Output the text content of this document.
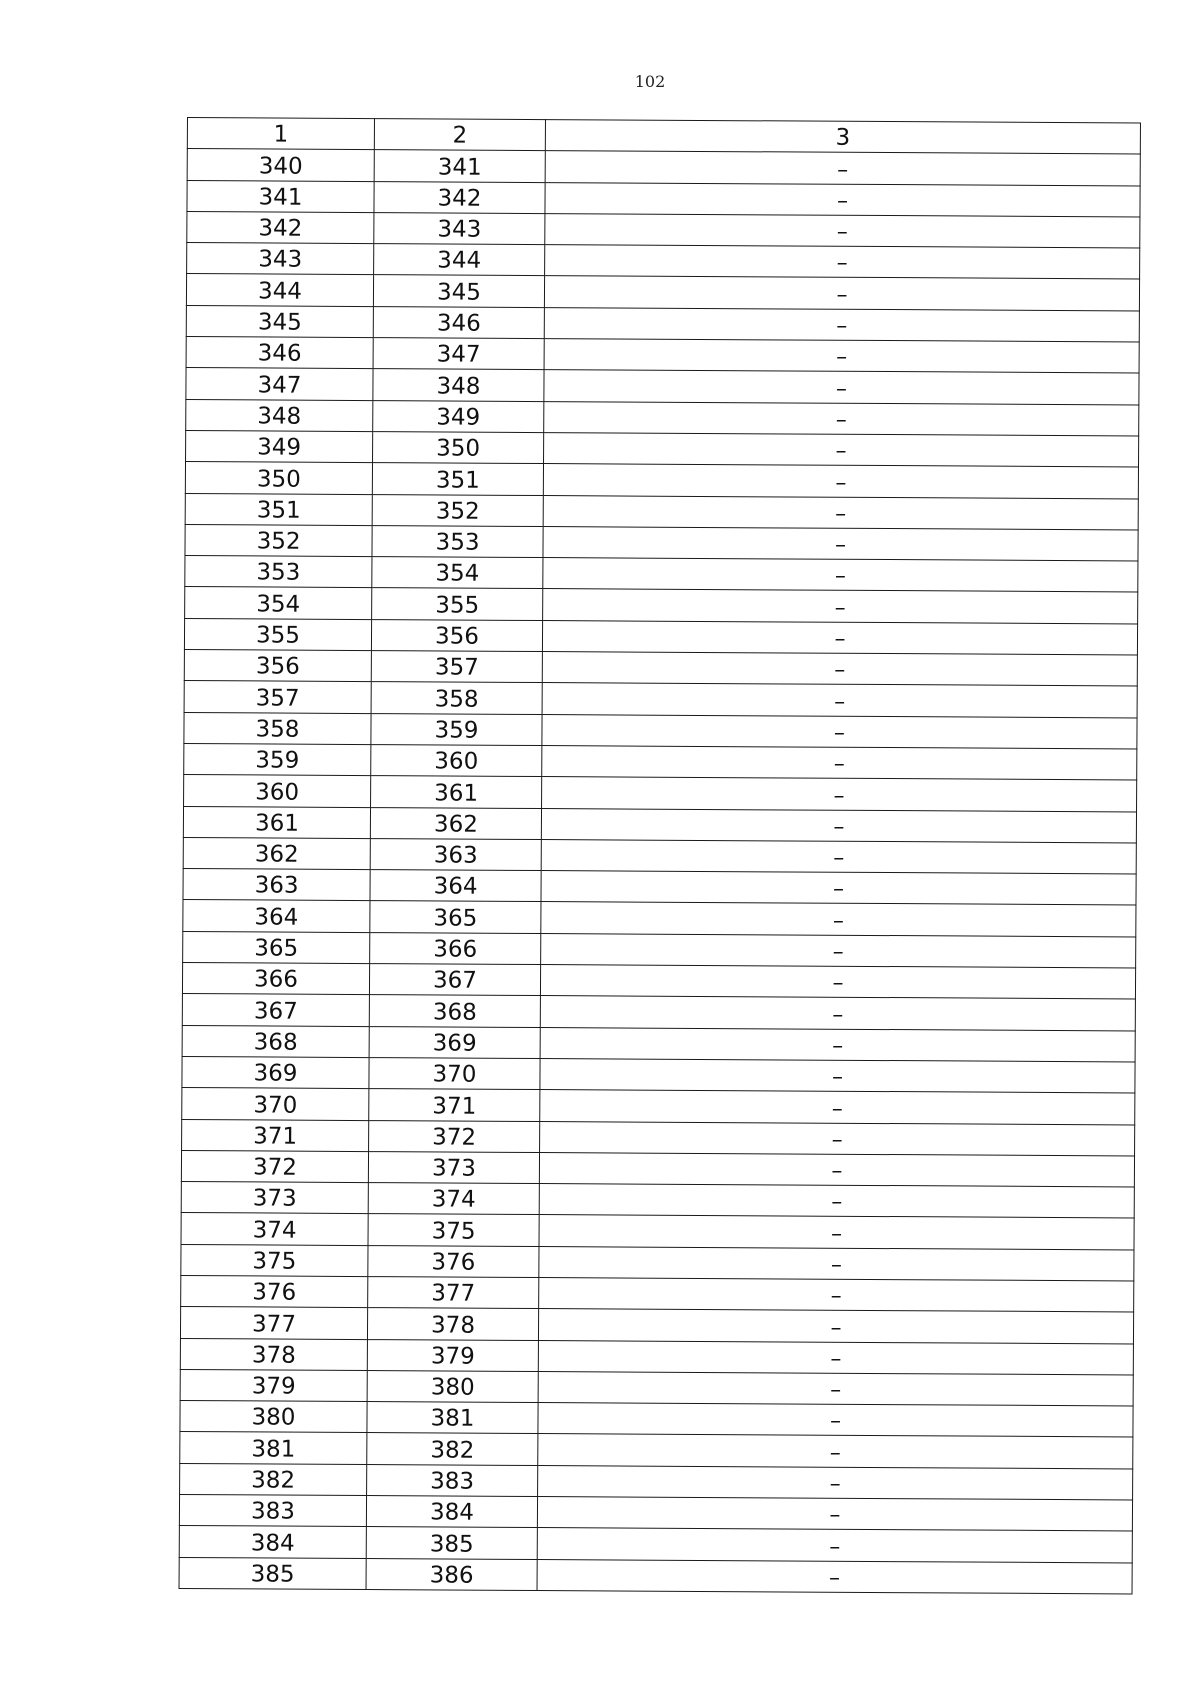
102
1	2	3
340	341	–
341	342	–
342	343	–
343	344	–
344	345	–
345	346	–
346	347	–
347	348	–
348	349	–
349	350	–
350	351	–
351	352	–
352	353	–
353	354	–
354	355	–
355	356	–
356	357	–
357	358	–
358	359	–
359	360	–
360	361	–
361	362	–
362	363	–
363	364	–
364	365	–
365	366	–
366	367	–
367	368	–
368	369	–
369	370	–
370	371	–
371	372	–
372	373	–
373	374	–
374	375	–
375	376	–
376	377	–
377	378	–
378	379	–
379	380	–
380	381	–
381	382	–
382	383	–
383	384	–
384	385	–
385	386	–
